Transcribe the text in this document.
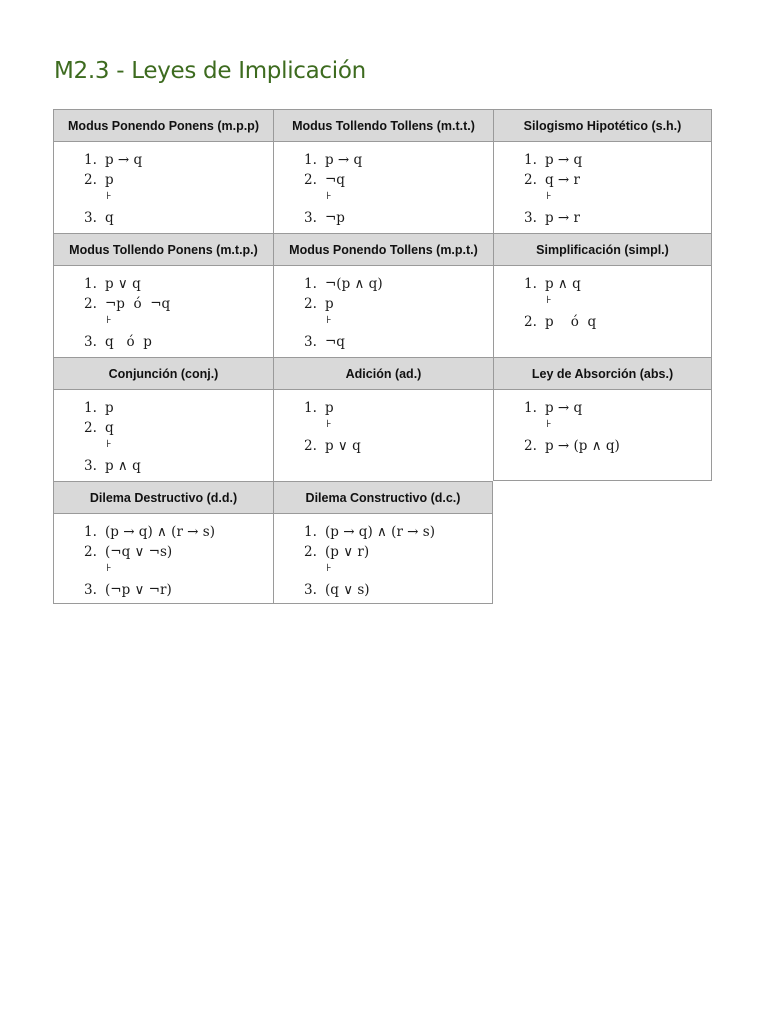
M2.3 - Leyes de Implicación
Modus Ponendo Ponens (m.p.p)	Modus Tollendo Tollens (m.t.t.)	Silogismo Hipotético (s.h.)
1. p → q
2. p
⊦
3. q
1. p → q
2. ¬q
⊦
3. ¬p
1. p → q
2. q → r
⊦
3. p → r
Modus Tollendo Ponens (m.t.p.)	Modus Ponendo Tollens (m.p.t.)	Simplificación (simpl.)
1. p ∨ q
2. ¬p  ó  ¬q
⊦
3. q   ó  p
1. ¬(p ∧ q)
2. p
⊦
3. ¬q
1. p ∧ q
⊦
2. p    ó  q
Conjunción (conj.)	Adición (ad.)	Ley de Absorción (abs.)
1. p
2. q
⊦
3. p ∧ q
1. p
⊦
2. p ∨ q
1. p → q
⊦
2. p → (p ∧ q)
Dilema Destructivo (d.d.)	Dilema Constructivo (d.c.)
1. (p → q) ∧ (r → s)
2. (¬q ∨ ¬s)
⊦
3. (¬p ∨ ¬r)
1. (p → q) ∧ (r → s)
2. (p ∨ r)
⊦
3. (q ∨ s)
